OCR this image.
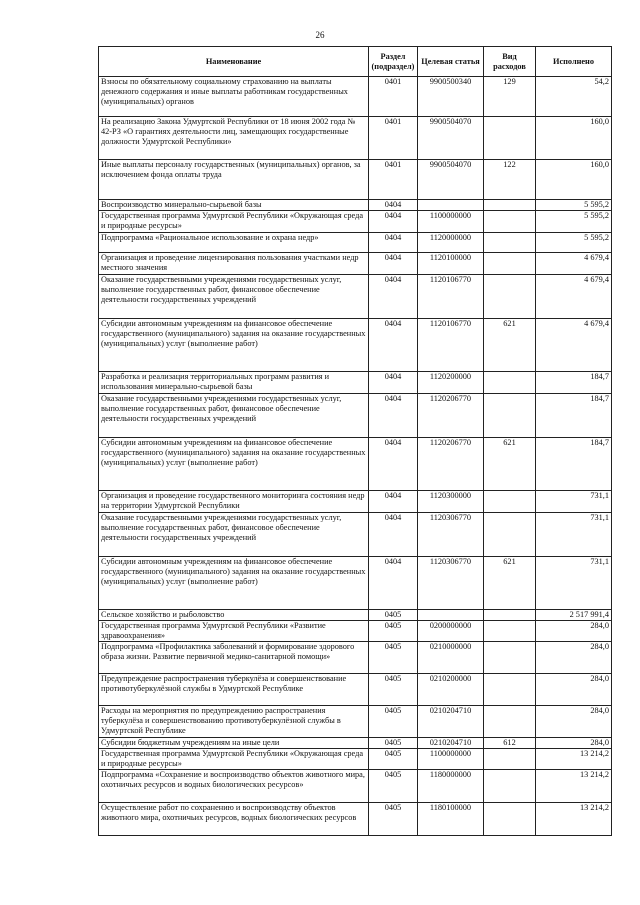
26
Наименование	Раздел (подраздел)	Целевая статья	Вид расходов	Исполнено
Взносы по обязательному социальному страхованию на выплаты денежного содержания и иные выплаты работникам государственных (муниципальных) органов	0401	9900500340	129	54,2
На реализацию Закона Удмуртской Республики от 18 июня 2002 года № 42-РЗ «О гарантиях деятельности лиц, замещающих государственные должности Удмуртской Республики»	0401	9900504070		160,0
Иные выплаты персоналу государственных (муниципальных) органов, за исключением фонда оплаты труда	0401	9900504070	122	160,0
Воспроизводство минерально-сырьевой базы	0404			5 595,2
Государственная программа Удмуртской Республики «Окружающая среда и природные ресурсы»	0404	1100000000		5 595,2
Подпрограмма «Рациональное использование и охрана недр»	0404	1120000000		5 595,2
Организация и проведение лицензирования пользования участками недр местного значения	0404	1120100000		4 679,4
Оказание государственными учреждениями государственных услуг, выполнение государственных работ, финансовое обеспечение деятельности государственных учреждений	0404	1120106770		4 679,4
Субсидии автономным учреждениям на финансовое обеспечение государственного (муниципального) задания на оказание государственных (муниципальных) услуг (выполнение работ)	0404	1120106770	621	4 679,4
Разработка и реализация территориальных программ развития и использования минерально-сырьевой базы	0404	1120200000		184,7
Оказание государственными учреждениями государственных услуг, выполнение государственных работ, финансовое обеспечение деятельности государственных учреждений	0404	1120206770		184,7
Субсидии автономным учреждениям на финансовое обеспечение государственного (муниципального) задания на оказание государственных (муниципальных) услуг (выполнение работ)	0404	1120206770	621	184,7
Организация и проведение государственного мониторинга состояния недр на территории Удмуртской Республики	0404	1120300000		731,1
Оказание государственными учреждениями государственных услуг, выполнение государственных работ, финансовое обеспечение деятельности государственных учреждений	0404	1120306770		731,1
Субсидии автономным учреждениям на финансовое обеспечение государственного (муниципального) задания на оказание государственных (муниципальных) услуг (выполнение работ)	0404	1120306770	621	731,1
Сельское хозяйство и рыболовство	0405			2 517 991,4
Государственная программа Удмуртской Республики «Развитие здравоохранения»	0405	0200000000		284,0
Подпрограмма «Профилактика заболеваний и формирование здорового образа жизни. Развитие первичной медико-санитарной помощи»	0405	0210000000		284,0
Предупреждение распространения туберкулёза и совершенствование противотуберкулёзной службы в Удмуртской Республике	0405	0210200000		284,0
Расходы на мероприятия по предупреждению распространения туберкулёза и совершенствованию противотуберкулёзной службы в Удмуртской Республике	0405	0210204710		284,0
Субсидии бюджетным учреждениям на иные цели	0405	0210204710	612	284,0
Государственная программа Удмуртской Республики «Окружающая среда и природные ресурсы»	0405	1100000000		13 214,2
Подпрограмма «Сохранение и воспроизводство объектов животного мира, охотничьих ресурсов и водных биологических ресурсов»	0405	1180000000		13 214,2
Осуществление работ по сохранению и воспроизводству объектов животного мира, охотничьих ресурсов, водных биологических ресурсов	0405	1180100000		13 214,2
